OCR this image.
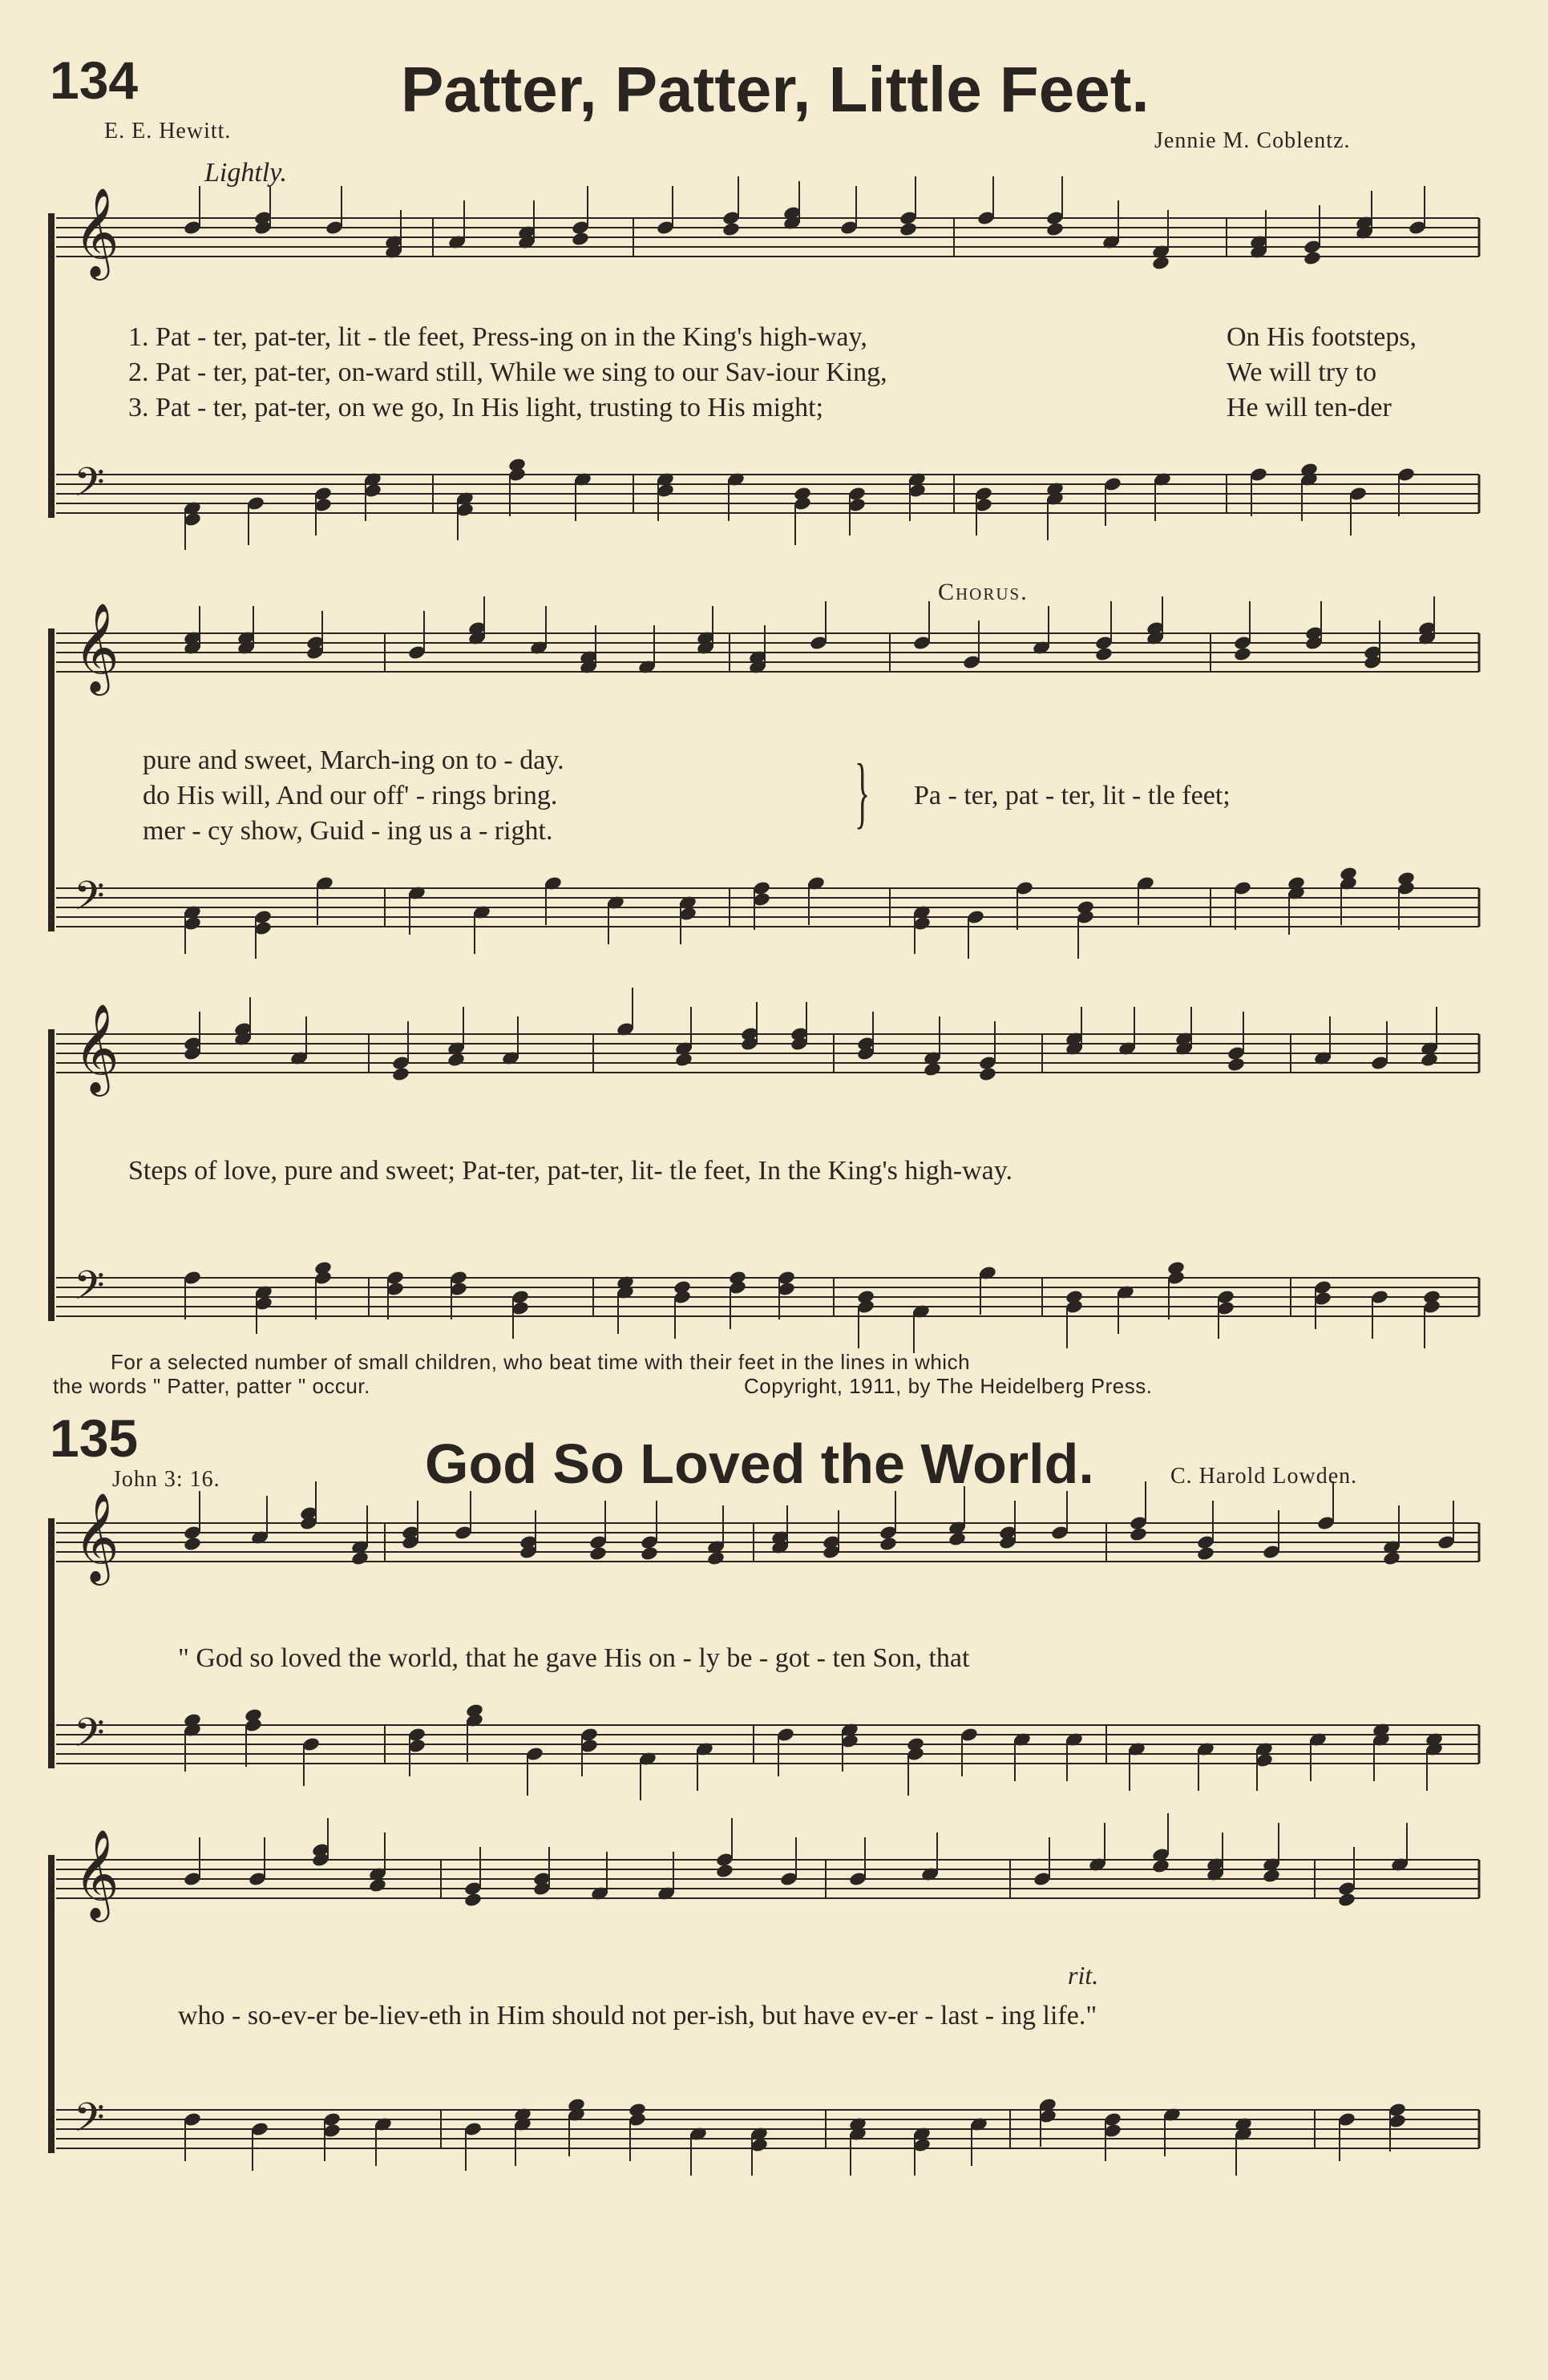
𝄞
𝄢
𝄞
𝄢
𝄞
𝄢
𝄞
𝄢
𝄞
𝄢
134	Patter, Patter, Little Feet.
E. E. Hewitt.	Jennie M. Coblentz.
Lightly.
1. Pat - ter, pat-ter, lit - tle feet, Press-ing on in the King's high-way,
2. Pat - ter, pat-ter, on-ward still, While we sing to our Sav-iour King,
3. Pat - ter, pat-ter, on we go, In His light, trusting to His might;
On His footsteps,
We will try to
He will ten-der
Chorus.
pure and sweet, March-ing on to - day.
do His will, And our off' - rings bring.
mer - cy show, Guid - ing us a - right.	} Pa - ter, pat - ter, lit - tle feet;
Steps of love, pure and sweet; Pat-ter, pat-ter, lit- tle feet, In the King's high-way.
For a selected number of small children, who beat time with their feet in the lines in which
the words " Patter, patter " occur.	Copyright, 1911, by The Heidelberg Press.
135
John 3: 16.	God So Loved the World.	C. Harold Lowden.
" God so loved the world, that he gave His on - ly be - got - ten Son, that
rit.
who - so-ev-er be-liev-eth in Him should not per-ish, but have ev-er - last - ing life."
